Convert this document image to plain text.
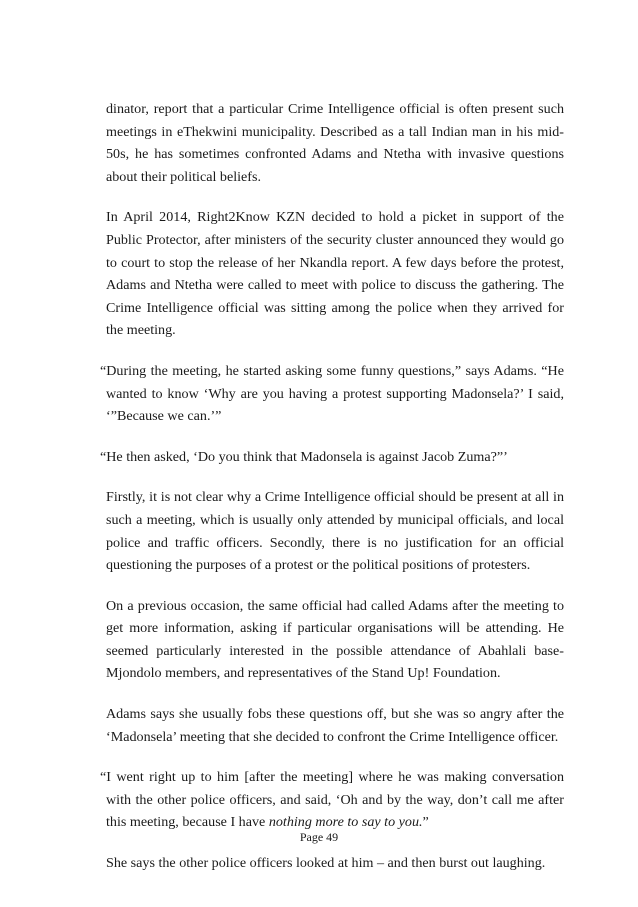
dinator, report that a particular Crime Intelligence official is often present such meetings in eThekwini municipality. Described as a tall Indian man in his mid-50s, he has sometimes confronted Adams and Ntetha with invasive questions about their political beliefs.

In April 2014, Right2Know KZN decided to hold a picket in support of the Public Protector, after ministers of the security cluster announced they would go to court to stop the release of her Nkandla report. A few days before the protest, Adams and Ntetha were called to meet with police to discuss the gathering. The Crime Intelligence official was sitting among the police when they arrived for the meeting.

“During the meeting, he started asking some funny questions,” says Adams. “He wanted to know ‘Why are you having a protest supporting Madonsela?’ I said, ‘”Because we can.’”

“He then asked, ‘Do you think that Madonsela is against Jacob Zuma?”’

Firstly, it is not clear why a Crime Intelligence official should be present at all in such a meeting, which is usually only attended by municipal officials, and local police and traffic officers. Secondly, there is no justification for an official questioning the purposes of a protest or the political positions of protesters.

On a previous occasion, the same official had called Adams after the meeting to get more information, asking if particular organisations will be attending. He seemed particularly interested in the possible attendance of Abahlali base-Mjondolo members, and representatives of the Stand Up! Foundation.

Adams says she usually fobs these questions off, but she was so angry after the ‘Madonsela’ meeting that she decided to confront the Crime Intelligence officer.

“I went right up to him [after the meeting] where he was making conversation with the other police officers, and said, ‘Oh and by the way, don’t call me after this meeting, because I have nothing more to say to you.”

She says the other police officers looked at him – and then burst out laughing.

Page 49
